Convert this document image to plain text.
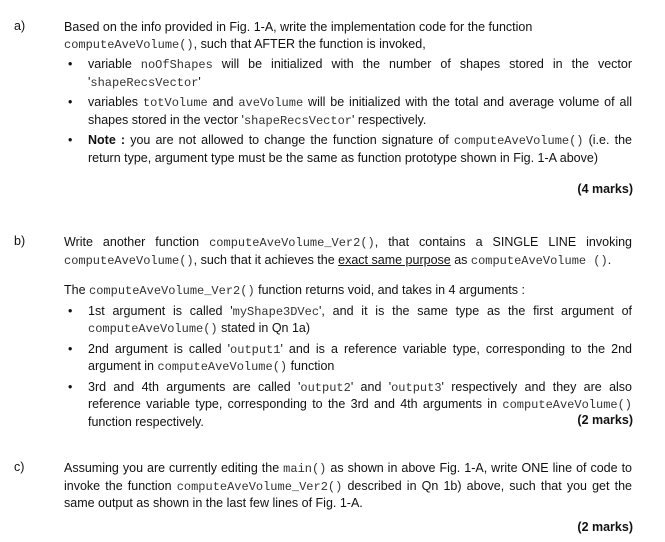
a)	Based on the info provided in Fig. 1-A, write the implementation code for the function
computeAveVolume(), such that AFTER the function is invoked,
• variable noOfShapes will be initialized with the number of shapes stored in the vector 'shapeRecsVector'
• variables totVolume and aveVolume will be initialized with the total and average volume of all shapes stored in the vector 'shapeRecsVector' respectively.
• Note : you are not allowed to change the function signature of computeAveVolume() (i.e. the return type, argument type must be the same as function prototype shown in Fig. 1-A above)
(4 marks)
b)	Write another function computeAveVolume_Ver2(), that contains a SINGLE LINE invoking computeAveVolume(), such that it achieves the exact same purpose as computeAveVolume ().
The computeAveVolume_Ver2() function returns void, and takes in 4 arguments :
• 1st argument is called 'myShape3DVec', and it is the same type as the first argument of computeAveVolume() stated in Qn 1a)
• 2nd argument is called 'output1' and is a reference variable type, corresponding to the 2nd argument in computeAveVolume() function
• 3rd and 4th arguments are called 'output2' and 'output3' respectively and they are also reference variable type, corresponding to the 3rd and 4th arguments in computeAveVolume() function respectively.	(2 marks)
c)	Assuming you are currently editing the main() as shown in above Fig. 1-A, write ONE line of code to invoke the function computeAveVolume_Ver2() described in Qn 1b) above, such that you get the same output as shown in the last few lines of Fig. 1-A.
(2 marks)
